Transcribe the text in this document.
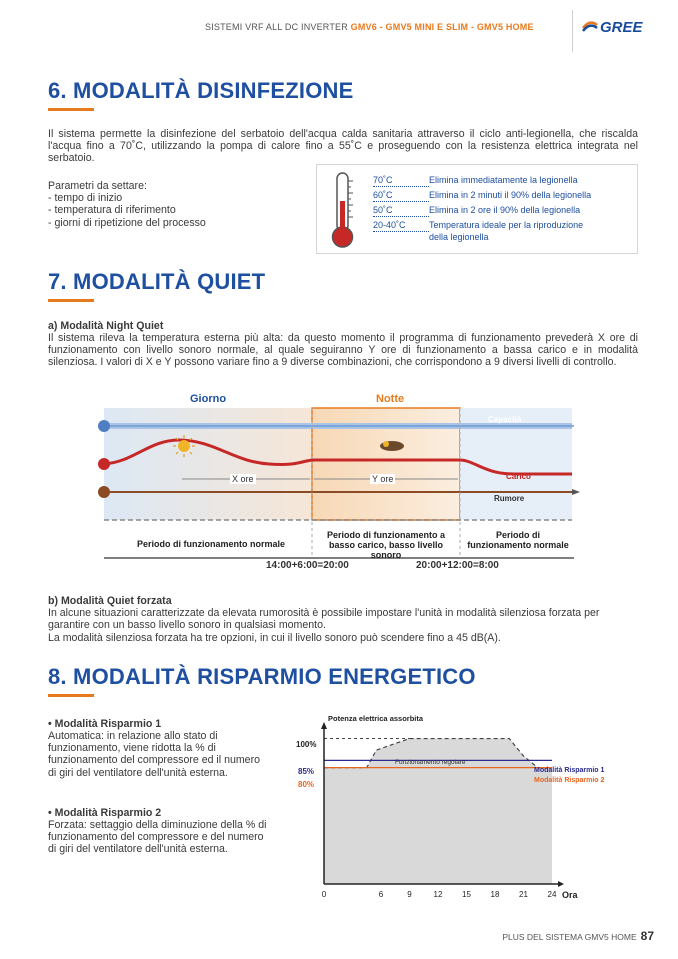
SISTEMI VRF ALL DC INVERTER GMV6 - GMV5 MINI E SLIM - GMV5 HOME	GREE
6. MODALITÀ DISINFEZIONE
Il sistema permette la disinfezione del serbatoio dell'acqua calda sanitaria attraverso il ciclo anti-legionella, che riscalda l'acqua fino a 70˚C, utilizzando la pompa di calore fino a 55˚C e proseguendo con la resistenza elettrica integrata nel serbatoio.
Parametri da settare:
- tempo di inizio
- temperatura di riferimento
- giorni di ripetizione del processo
70˚C	Elimina immediatamente la legionella
60˚C	Elimina in 2 minuti il 90% della legionella
50˚C	Elimina in 2 ore il 90% della legionella
20-40˚C	Temperatura ideale per la riproduzione
della legionella
7. MODALITÀ QUIET
a) Modalità Night Quiet
Il sistema rileva la temperatura esterna più alta: da questo momento il programma di funzionamento prevederà X ore di funzionamento con livello sonoro normale, al quale seguiranno Y ore di funzionamento a bassa carico e in modalità silenziosa. I valori di X e Y possono variare fino a 9 diverse combinazioni, che corrispondono a 9 diversi livelli di controllo.
Giorno	Notte
Capacità
Carico
Rumore
X ore	Y ore
Periodo di funzionamento normale
Periodo di funzionamento a basso carico, basso livello sonoro
Periodo di funzionamento normale
14:00+6:00=20:00	20:00+12:00=8:00
b) Modalità Quiet forzata
In alcune situazioni caratterizzate da elevata rumorosità è possibile impostare l'unità in modalità silenziosa forzata per garantire con un basso livello sonoro in qualsiasi momento.
La modalità silenziosa forzata ha tre opzioni, in cui il livello sonoro può scendere fino a 45 dB(A).
8. MODALITÀ RISPARMIO ENERGETICO
• Modalità Risparmio 1
Automatica: in relazione allo stato di funzionamento, viene ridotta la % di funzionamento del compressore ed il numero di giri del ventilatore dell'unità esterna.
• Modalità Risparmio 2
Forzata: settaggio della diminuzione della % di funzionamento del compressore e del numero di giri del ventilatore dell'unità esterna.
Potenza elettrica assorbita
Ora
Funzionamento regolare
Modalità Risparmio 1
Modalità Risparmio 2
100%
85%
80%
0	6	9	12 15 18 21 24
PLUS DEL SISTEMA GMV5 HOME 87
